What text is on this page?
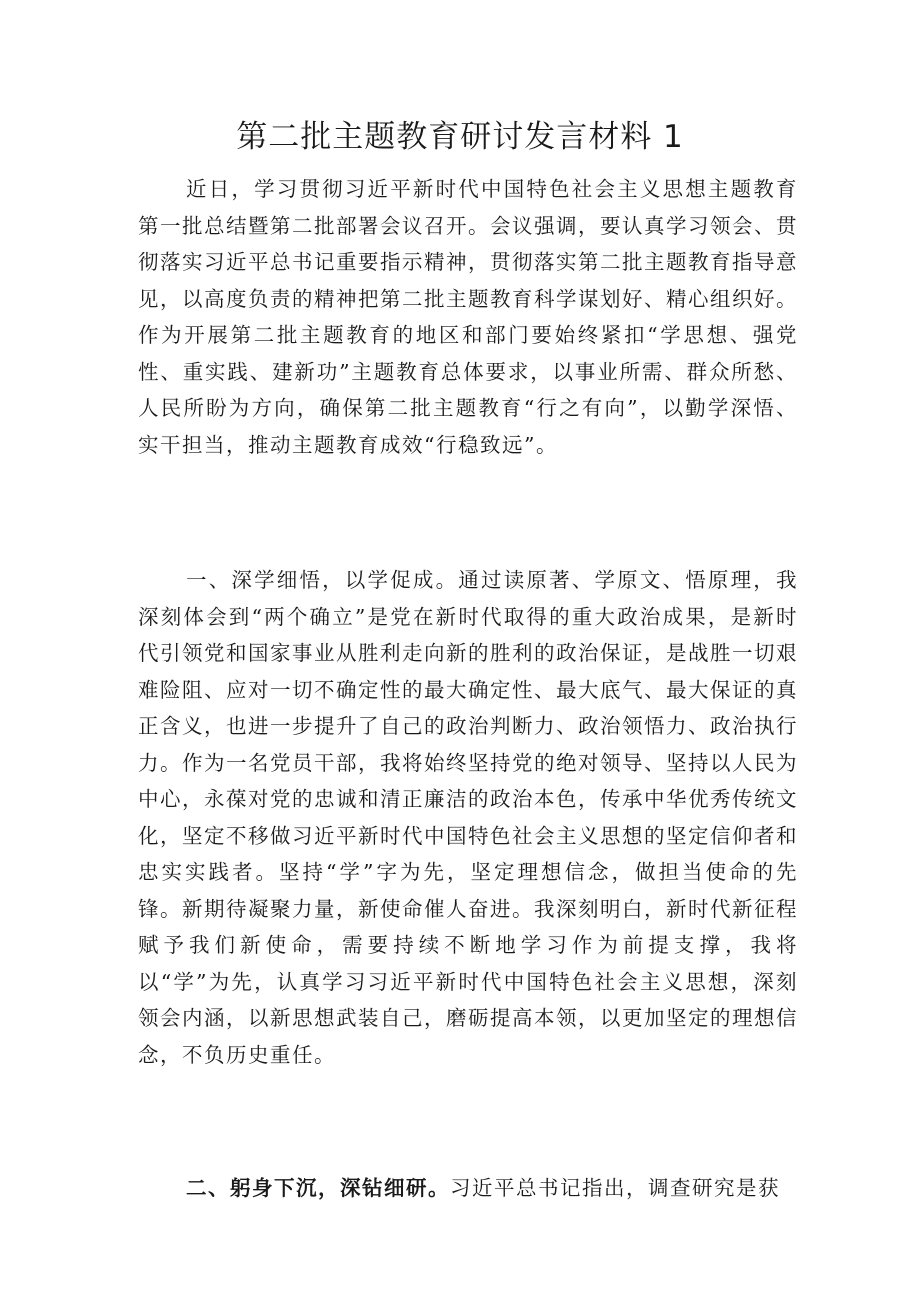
第二批主题教育研讨发言材料 1

近日，学习贯彻习近平新时代中国特色社会主义思想主题教育第一批总结暨第二批部署会议召开。会议强调，要认真学习领会、贯彻落实习近平总书记重要指示精神，贯彻落实第二批主题教育指导意见，以高度负责的精神把第二批主题教育科学谋划好、精心组织好。作为开展第二批主题教育的地区和部门要始终紧扣“学思想、强党性、重实践、建新功”主题教育总体要求，以事业所需、群众所愁、人民所盼为方向，确保第二批主题教育“行之有向”，以勤学深悟、实干担当，推动主题教育成效“行稳致远”。

一、深学细悟，以学促成。通过读原著、学原文、悟原理，我深刻体会到“两个确立”是党在新时代取得的重大政治成果，是新时代引领党和国家事业从胜利走向新的胜利的政治保证，是战胜一切艰难险阻、应对一切不确定性的最大确定性、最大底气、最大保证的真正含义，也进一步提升了自己的政治判断力、政治领悟力、政治执行力。作为一名党员干部，我将始终坚持党的绝对领导、坚持以人民为中心，永葆对党的忠诚和清正廉洁的政治本色，传承中华优秀传统文化，坚定不移做习近平新时代中国特色社会主义思想的坚定信仰者和忠实实践者。坚持“学”字为先，坚定理想信念，做担当使命的先锋。新期待凝聚力量，新使命催人奋进。我深刻明白，新时代新征程赋予我们新使命，需要持续不断地学习作为前提支撑，我将以“学”为先，认真学习习近平新时代中国特色社会主义思想，深刻领会内涵，以新思想武装自己，磨砺提高本领，以更加坚定的理想信念，不负历史重任。

二、躬身下沉，深钻细研。习近平总书记指出，调查研究是获
